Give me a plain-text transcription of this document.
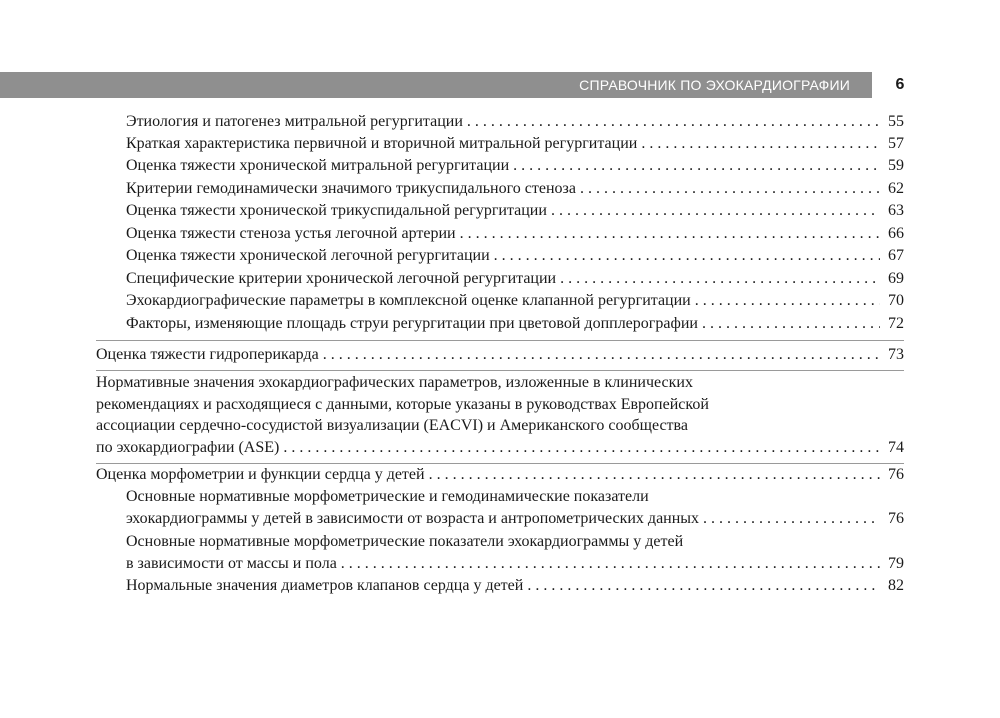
СПРАВОЧНИК ПО ЭХОКАРДИОГРАФИИ	6
Этиология и патогенез митральной регургитации . . .	55
Краткая характеристика первичной и вторичной митральной регургитации . . .	57
Оценка тяжести хронической митральной регургитации . . .	59
Критерии гемодинамически значимого трикуспидального стеноза . . .	62
Оценка тяжести хронической трикуспидальной регургитации . . .	63
Оценка тяжести стеноза устья легочной артерии . . .	66
Оценка тяжести хронической легочной регургитации . . .	67
Специфические критерии хронической легочной регургитации . . .	69
Эхокардиографические параметры в комплексной оценке клапанной регургитации . . .	70
Факторы, изменяющие площадь струи регургитации при цветовой допплерографии . . .	72
Оценка тяжести гидроперикарда . . .	73
Нормативные значения эхокардиографических параметров, изложенные в клинических
рекомендациях и расходящиеся с данными, которые указаны в руководствах Европейской
ассоциации сердечно-сосудистой визуализации (EACVI) и Американского сообщества
по эхокардиографии (ASE) . . .	74
Оценка морфометрии и функции сердца у детей . . .	76
Основные нормативные морфометрические и гемодинамические показатели
эхокардиограммы у детей в зависимости от возраста и антропометрических данных . . .	76
Основные нормативные морфометрические показатели эхокардиограммы у детей
в зависимости от массы и пола . . .	79
Нормальные значения диаметров клапанов сердца у детей . . .	82
